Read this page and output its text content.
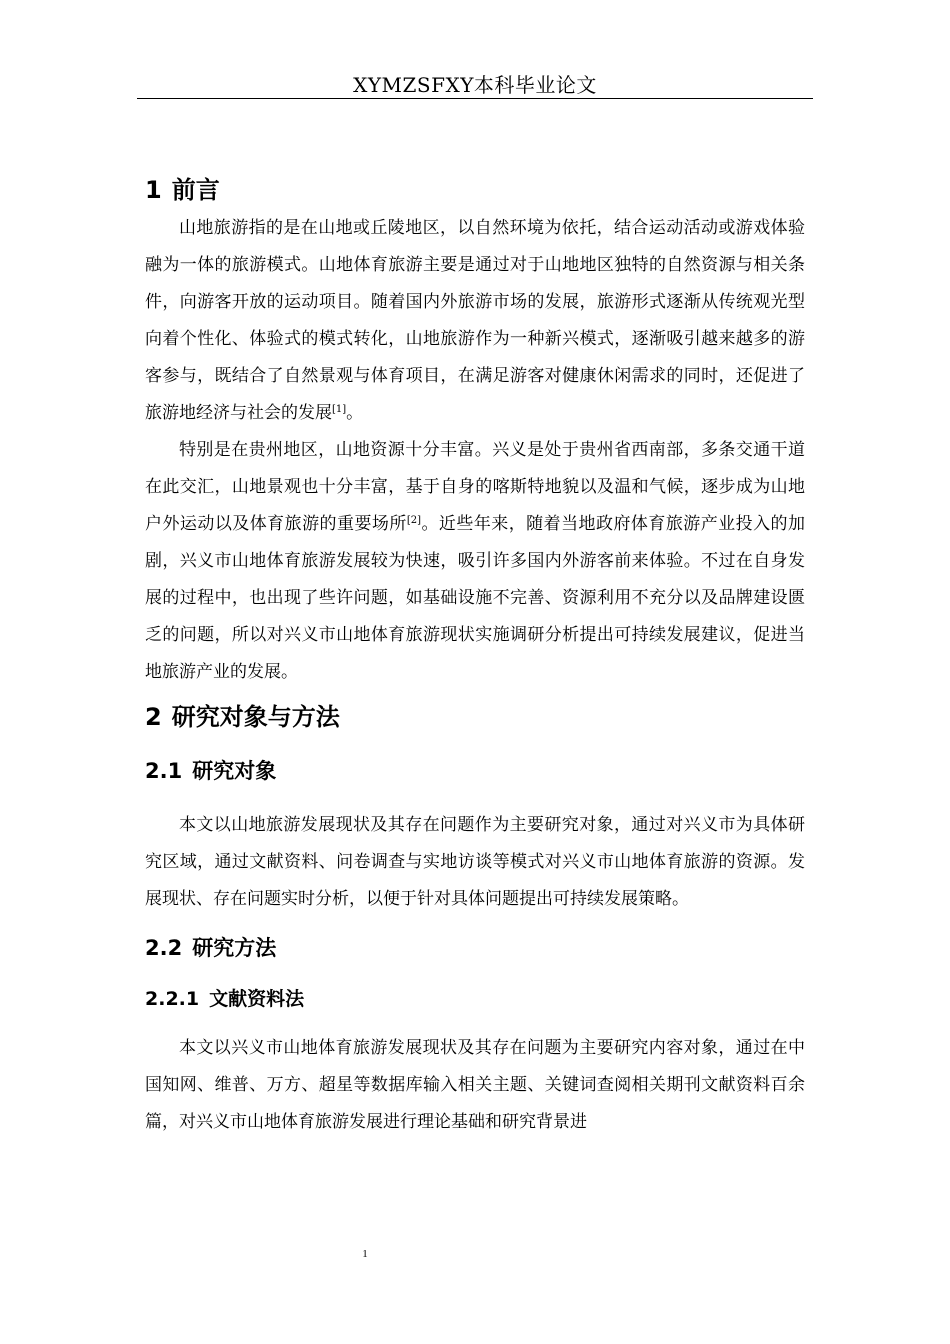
XYMZSFXY本科毕业论文
1 前言

山地旅游指的是在山地或丘陵地区，以自然环境为依托，结合运动活动或游戏体验融为一体的旅游模式。山地体育旅游主要是通过对于山地地区独特的自然资源与相关条件，向游客开放的运动项目。随着国内外旅游市场的发展，旅游形式逐渐从传统观光型向着个性化、体验式的模式转化，山地旅游作为一种新兴模式，逐渐吸引越来越多的游客参与，既结合了自然景观与体育项目，在满足游客对健康休闲需求的同时，还促进了旅游地经济与社会的发展[1]。

特别是在贵州地区，山地资源十分丰富。兴义是处于贵州省西南部，多条交通干道在此交汇，山地景观也十分丰富，基于自身的喀斯特地貌以及温和气候，逐步成为山地户外运动以及体育旅游的重要场所[2]。近些年来，随着当地政府体育旅游产业投入的加剧，兴义市山地体育旅游发展较为快速，吸引许多国内外游客前来体验。不过在自身发展的过程中，也出现了些许问题，如基础设施不完善、资源利用不充分以及品牌建设匮乏的问题，所以对兴义市山地体育旅游现状实施调研分析提出可持续发展建议，促进当地旅游产业的发展。

2 研究对象与方法
2.1 研究对象

本文以山地旅游发展现状及其存在问题作为主要研究对象，通过对兴义市为具体研究区域，通过文献资料、问卷调查与实地访谈等模式对兴义市山地体育旅游的资源。发展现状、存在问题实时分析，以便于针对具体问题提出可持续发展策略。

2.2 研究方法
2.2.1 文献资料法

本文以兴义市山地体育旅游发展现状及其存在问题为主要研究内容对象，通过在中国知网、维普、万方、超星等数据库输入相关主题、关键词查阅相关期刊文献资料百余篇，对兴义市山地体育旅游发展进行理论基础和研究背景进

1
